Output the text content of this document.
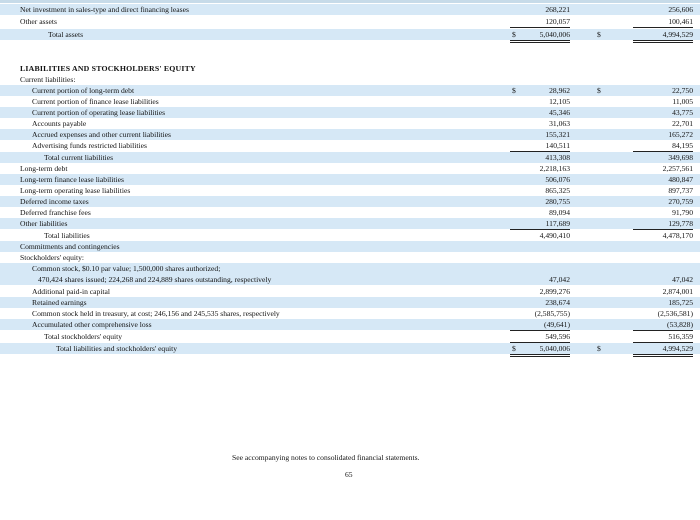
Net investment in sales-type and direct financing leases	268,221	256,606
Other assets	120,057	100,461
Total assets	$	5,040,006	$	4,994,529
LIABILITIES AND STOCKHOLDERS' EQUITY
Current liabilities:
Current portion of long-term debt	$	28,962	$	22,750
Current portion of finance lease liabilities	12,105	11,005
Current portion of operating lease liabilities	45,346	43,775
Accounts payable	31,063	22,701
Accrued expenses and other current liabilities	155,321	165,272
Advertising funds restricted liabilities	140,511	84,195
Total current liabilities	413,308	349,698
Long-term debt	2,218,163	2,257,561
Long-term finance lease liabilities	506,076	480,847
Long-term operating lease liabilities	865,325	897,737
Deferred income taxes	280,755	270,759
Deferred franchise fees	89,094	91,790
Other liabilities	117,689	129,778
Total liabilities	4,490,410	4,478,170
Commitments and contingencies
Stockholders' equity:
Common stock, $0.10 par value; 1,500,000 shares authorized;
470,424 shares issued; 224,268 and 224,889 shares outstanding, respectively	47,042	47,042
Additional paid-in capital	2,899,276	2,874,001
Retained earnings	238,674	185,725
Common stock held in treasury, at cost; 246,156 and 245,535 shares, respectively	(2,585,755)	(2,536,581)
Accumulated other comprehensive loss	(49,641)	(53,828)
Total stockholders' equity	549,596	516,359
Total liabilities and stockholders' equity	$	5,040,006	$	4,994,529
See accompanying notes to consolidated financial statements.
65
